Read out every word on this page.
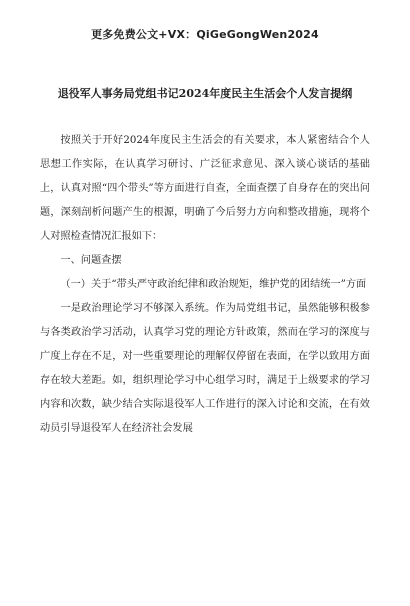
更多免费公文+VX：QiGeGongWen2024
退役军人事务局党组书记2024年度民主生活会个人发言提纲

按照关于开好2024年度民主生活会的有关要求，本人紧密结合个人思想工作实际，在认真学习研讨、广泛征求意见、深入谈心谈话的基础上，认真对照“四个带头”等方面进行自查，全面查摆了自身存在的突出问题，深刻剖析问题产生的根源，明确了今后努力方向和整改措施，现将个人对照检查情况汇报如下：

一、问题查摆

（一）关于“带头严守政治纪律和政治规矩，维护党的团结统一”方面

一是政治理论学习不够深入系统。作为局党组书记，虽然能够积极参与各类政治学习活动，认真学习党的理论方针政策，然而在学习的深度与广度上存在不足，对一些重要理论的理解仅停留在表面，在学以致用方面存在较大差距。如，组织理论学习中心组学习时，满足于上级要求的学习内容和次数，缺少结合实际退役军人工作进行的深入讨论和交流，在有效动员引导退役军人在经济社会发展
